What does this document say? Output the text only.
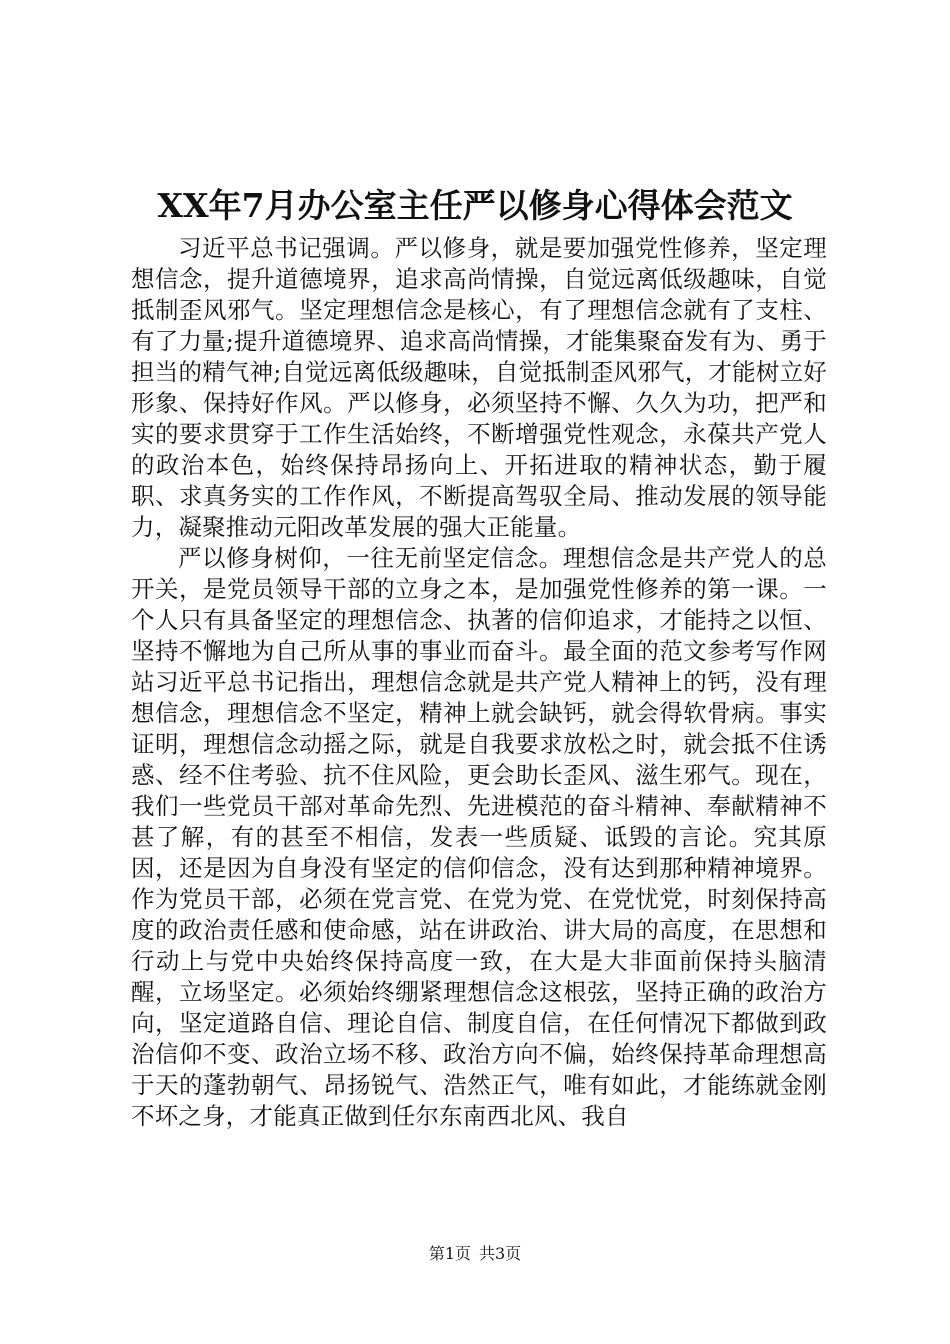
XX年7月办公室主任严以修身心得体会范文

习近平总书记强调。严以修身，就是要加强党性修养，坚定理想信念，提升道德境界，追求高尚情操，自觉远离低级趣味，自觉抵制歪风邪气。坚定理想信念是核心，有了理想信念就有了支柱、有了力量;提升道德境界、追求高尚情操，才能集聚奋发有为、勇于担当的精气神;自觉远离低级趣味，自觉抵制歪风邪气，才能树立好形象、保持好作风。严以修身，必须坚持不懈、久久为功，把严和实的要求贯穿于工作生活始终，不断增强党性观念，永葆共产党人的政治本色，始终保持昂扬向上、开拓进取的精神状态，勤于履职、求真务实的工作作风，不断提高驾驭全局、推动发展的领导能力，凝聚推动元阳改革发展的强大正能量。

严以修身树仰，一往无前坚定信念。理想信念是共产党人的总开关，是党员领导干部的立身之本，是加强党性修养的第一课。一个人只有具备坚定的理想信念、执著的信仰追求，才能持之以恒、坚持不懈地为自己所从事的事业而奋斗。最全面的范文参考写作网站习近平总书记指出，理想信念就是共产党人精神上的钙，没有理想信念，理想信念不坚定，精神上就会缺钙，就会得软骨病。事实证明，理想信念动摇之际，就是自我要求放松之时，就会抵不住诱惑、经不住考验、抗不住风险，更会助长歪风、滋生邪气。现在，我们一些党员干部对革命先烈、先进模范的奋斗精神、奉献精神不甚了解，有的甚至不相信，发表一些质疑、诋毁的言论。究其原因，还是因为自身没有坚定的信仰信念，没有达到那种精神境界。作为党员干部，必须在党言党、在党为党、在党忧党，时刻保持高度的政治责任感和使命感，站在讲政治、讲大局的高度，在思想和行动上与党中央始终保持高度一致，在大是大非面前保持头脑清醒，立场坚定。必须始终绷紧理想信念这根弦，坚持正确的政治方向，坚定道路自信、理论自信、制度自信，在任何情况下都做到政治信仰不变、政治立场不移、政治方向不偏，始终保持革命理想高于天的蓬勃朝气、昂扬锐气、浩然正气，唯有如此，才能练就金刚不坏之身，才能真正做到任尔东南西北风、我自

第1页 共3页
